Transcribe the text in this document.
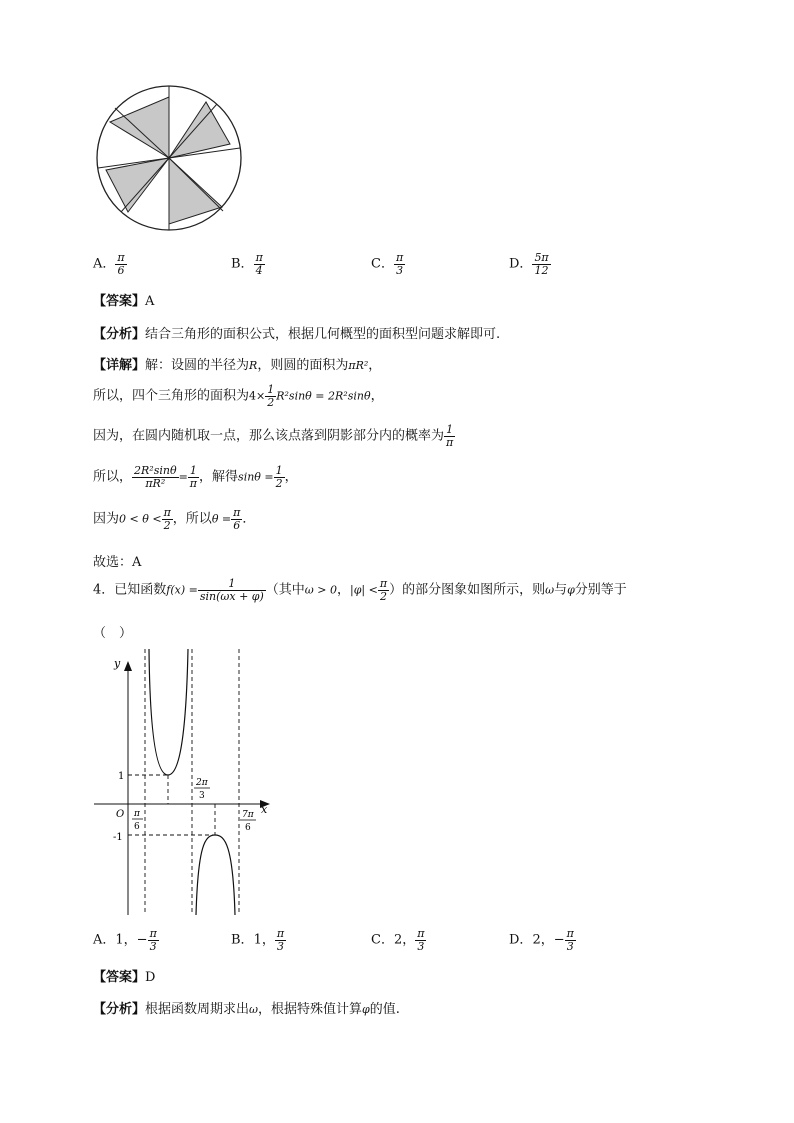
A． $\frac{\pi}{6}$	B． $\frac{\pi}{4}$	C． $\frac{\pi}{3}$	D． $\frac{5\pi}{12}$
【答案】A
【分析】结合三角形的面积公式，根据几何概型的面积型问题求解即可.
【详解】解：设圆的半径为R，则圆的面积为πR²，
所以，四个三角形的面积为$4\times \frac{1}{2} R^2\sin\theta = 2R^2\sin\theta$，
因为，在圆内随机取一点，那么该点落到阴影部分内的概率为 $\frac{1}{\pi}$
所以， $\frac{\text{2R²sinθ}}{\text{πR²}} = \frac{1}{\pi}$ ，解得$\sin\theta = \frac{1}{2}$ ，
因为$0 < \theta < \frac{\pi}{2}$ ，所以$\theta = \frac{\pi}{6}$ ．
故选：A
4．已知函数$f(x) = \frac{1}{\sin(\omega x + \varphi)}$ （其中ω > 0，$|\varphi| < \frac{\pi}{2}$ ）的部分图象如图所示，则ω与φ分别等于
（　）
y
x
O
1
-1
π
6
2π
3
7π
6
A．1，− $\frac{\pi}{3}$	B．1， $\frac{\pi}{3}$	C．2， $\frac{\pi}{3}$	D．2，− $\frac{\pi}{3}$
【答案】D
【分析】根据函数周期求出ω，根据特殊值计算φ的值.
